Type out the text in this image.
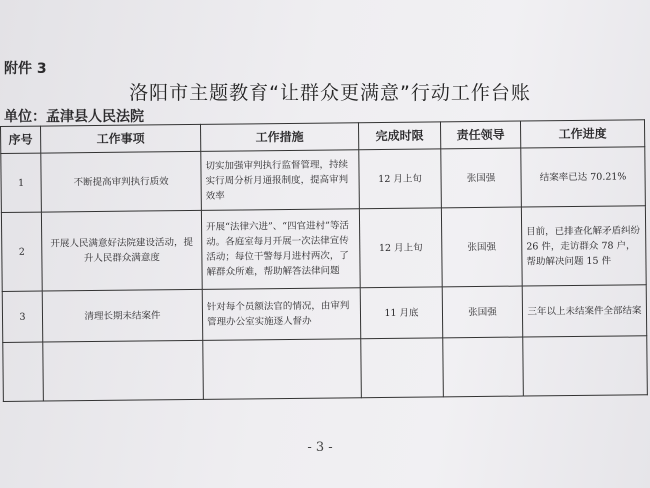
附件 3
洛阳市主题教育“让群众更满意”行动工作台账
单位：孟津县人民法院
序号	工作事项	工作措施	完成时限	责任领导	工作进度
1	不断提高审判执行质效	切实加强审判执行监督管理，持续实行周分析月通报制度，提高审判效率	12 月上旬	张国强	结案率已达 70.21%
2	开展人民满意好法院建设活动，提升人民群众满意度	开展“法律六进”、“四官进村”等活动。各庭室每月开展一次法律宣传活动；每位干警每月进村两次，了解群众所难，帮助解答法律问题	12 月上旬	张国强	目前，已排查化解矛盾纠纷 26 件，走访群众 78 户，帮助解决问题 15 件
3	清理长期未结案件	针对每个员额法官的情况，由审判管理办公室实施逐人督办	11 月底	张国强	三年以上未结案件全部结案

- 3 -
